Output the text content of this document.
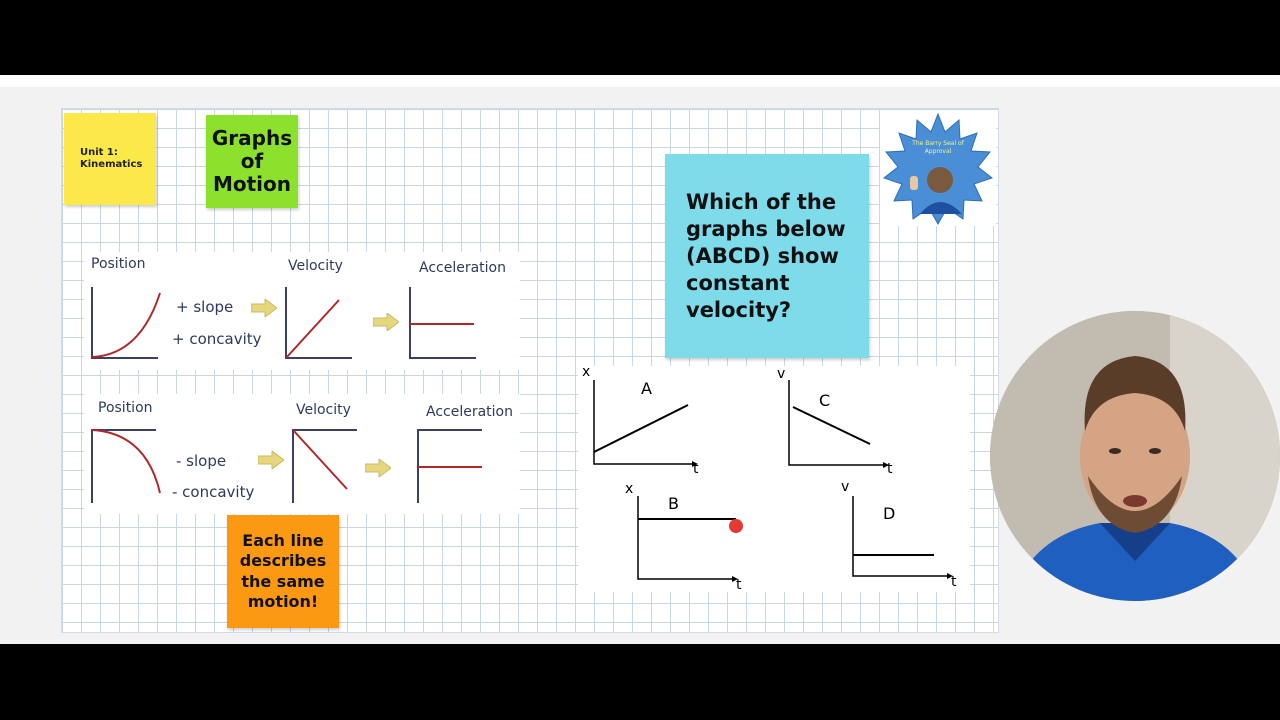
Unit 1:
Kinematics
Graphs
of
Motion
Position	Velocity	Acceleration
+ slope
+ concavity
Position	Velocity	Acceleration
- slope
- concavity
Each line
describes
the same
motion!
Which of the
graphs below
(ABCD) show
constant
velocity?
The Barry Seal of Approval
x
t
A
v
t
C
x
t
B
v
t
D
